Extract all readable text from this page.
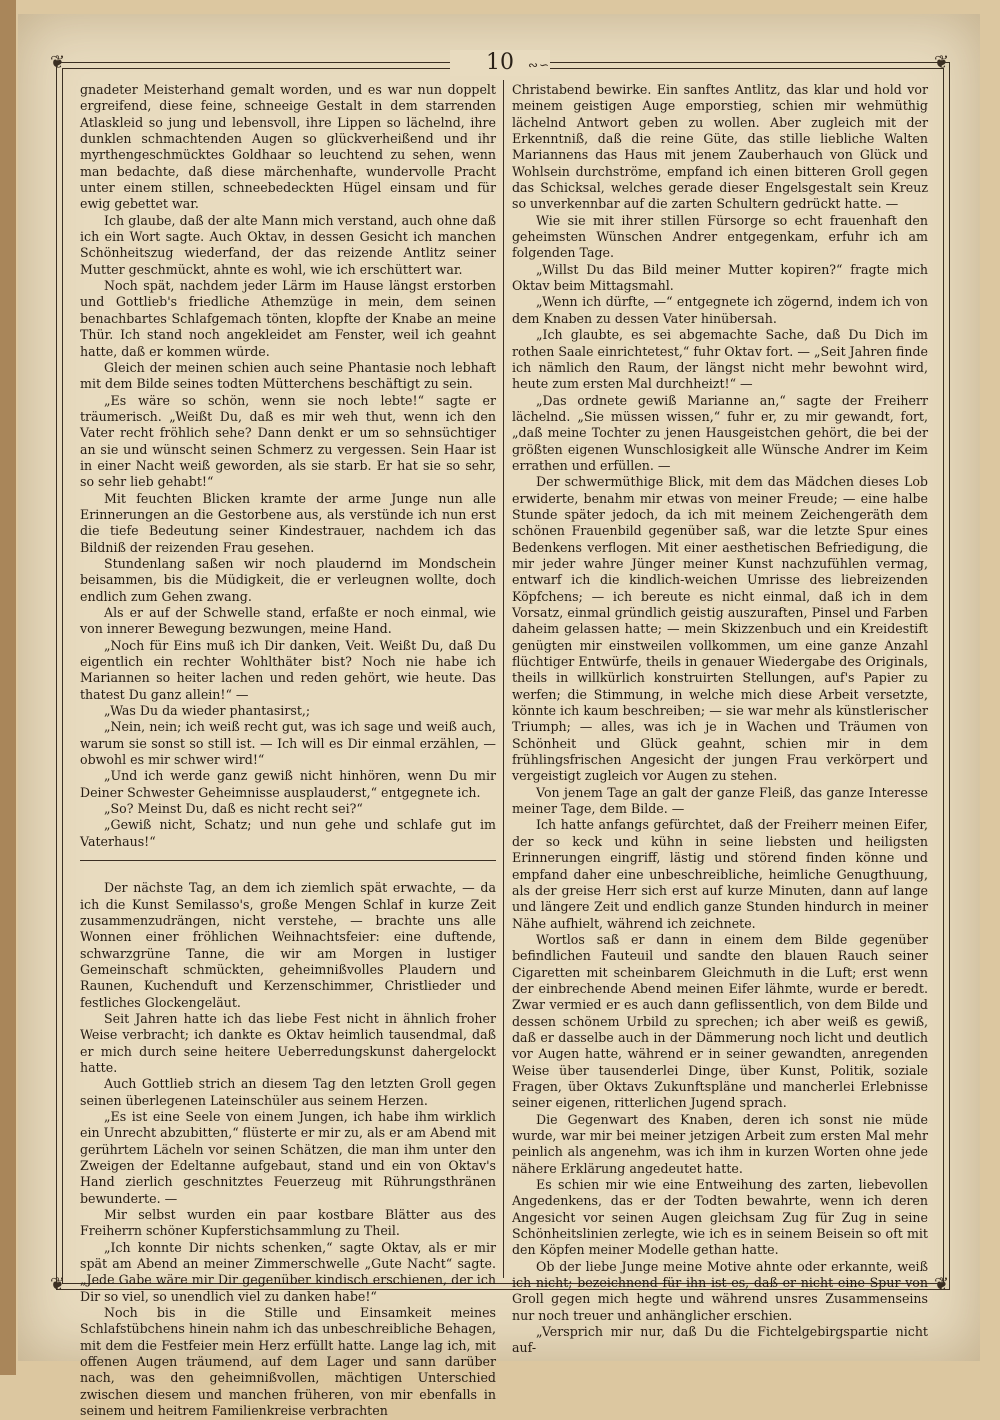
❦	❦
❦	❦
10	∾∽

gnadeter Meisterhand gemalt worden, und es war nun doppelt ergreifend, diese feine, schneeige Gestalt in dem starrenden Atlaskleid so jung und lebensvoll, ihre Lippen so lächelnd, ihre dunklen schmachtenden Augen so glückverheißend und ihr myrthengeschmücktes Goldhaar so leuchtend zu sehen, wenn man bedachte, daß diese märchenhafte, wundervolle Pracht unter einem stillen, schneebedeckten Hügel einsam und für ewig gebettet war.

Ich glaube, daß der alte Mann mich verstand, auch ohne daß ich ein Wort sagte. Auch Oktav, in dessen Gesicht ich manchen Schönheitszug wiederfand, der das reizende Antlitz seiner Mutter geschmückt, ahnte es wohl, wie ich erschüttert war.

Noch spät, nachdem jeder Lärm im Hause längst erstorben und Gottlieb's friedliche Athemzüge in mein, dem seinen benachbartes Schlafgemach tönten, klopfte der Knabe an meine Thür. Ich stand noch angekleidet am Fenster, weil ich geahnt hatte, daß er kommen würde.

Gleich der meinen schien auch seine Phantasie noch lebhaft mit dem Bilde seines todten Mütterchens beschäftigt zu sein.

„Es wäre so schön, wenn sie noch lebte!“ sagte er träumerisch. „Weißt Du, daß es mir weh thut, wenn ich den Vater recht fröhlich sehe? Dann denkt er um so sehnsüchtiger an sie und wünscht seinen Schmerz zu vergessen. Sein Haar ist in einer Nacht weiß geworden, als sie starb. Er hat sie so sehr, so sehr lieb gehabt!“

Mit feuchten Blicken kramte der arme Junge nun alle Erinnerungen an die Gestorbene aus, als verstünde ich nun erst die tiefe Bedeutung seiner Kindestrauer, nachdem ich das Bildniß der reizenden Frau gesehen.

Stundenlang saßen wir noch plaudernd im Mondschein beisammen, bis die Müdigkeit, die er verleugnen wollte, doch endlich zum Gehen zwang.

Als er auf der Schwelle stand, erfaßte er noch einmal, wie von innerer Bewegung bezwungen, meine Hand.

„Noch für Eins muß ich Dir danken, Veit. Weißt Du, daß Du eigentlich ein rechter Wohlthäter bist? Noch nie habe ich Mariannen so heiter lachen und reden gehört, wie heute. Das thatest Du ganz allein!“ —

„Was Du da wieder phantasirst,;

„Nein, nein; ich weiß recht gut, was ich sage und weiß auch, warum sie sonst so still ist. — Ich will es Dir einmal erzählen, — obwohl es mir schwer wird!“

„Und ich werde ganz gewiß nicht hinhören, wenn Du mir Deiner Schwester Geheimnisse ausplauderst,“ entgegnete ich.

„So? Meinst Du, daß es nicht recht sei?“

„Gewiß nicht, Schatz; und nun gehe und schlafe gut im Vaterhaus!“

Der nächste Tag, an dem ich ziemlich spät erwachte, — da ich die Kunst Semilasso's, große Mengen Schlaf in kurze Zeit zusammenzudrängen, nicht verstehe, — brachte uns alle Wonnen einer fröhlichen Weihnachtsfeier: eine duftende, schwarzgrüne Tanne, die wir am Morgen in lustiger Gemeinschaft schmückten, geheimnißvolles Plaudern und Raunen, Kuchenduft und Kerzenschimmer, Christlieder und festliches Glockengeläut.

Seit Jahren hatte ich das liebe Fest nicht in ähnlich froher Weise verbracht; ich dankte es Oktav heimlich tausendmal, daß er mich durch seine heitere Ueberredungskunst dahergelockt hatte.

Auch Gottlieb strich an diesem Tag den letzten Groll gegen seinen überlegenen Lateinschüler aus seinem Herzen.

„Es ist eine Seele von einem Jungen, ich habe ihm wirklich ein Unrecht abzubitten,“ flüsterte er mir zu, als er am Abend mit gerührtem Lächeln vor seinen Schätzen, die man ihm unter den Zweigen der Edeltanne aufgebaut, stand und ein von Oktav's Hand zierlich geschnitztes Feuerzeug mit Rührungsthränen bewunderte. —

Mir selbst wurden ein paar kostbare Blätter aus des Freiherrn schöner Kupferstichsammlung zu Theil.

„Ich konnte Dir nichts schenken,“ sagte Oktav, als er mir spät am Abend an meiner Zimmerschwelle „Gute Nacht“ sagte. „Jede Gabe wäre mir Dir gegenüber kindisch erschienen, der ich Dir so viel, so unendlich viel zu danken habe!“

Noch bis in die Stille und Einsamkeit meines Schlafstübchens hinein nahm ich das unbeschreibliche Behagen, mit dem die Festfeier mein Herz erfüllt hatte. Lange lag ich, mit offenen Augen träumend, auf dem Lager und sann darüber nach, was den geheimnißvollen, mächtigen Unterschied zwischen diesem und manchen früheren, von mir ebenfalls in seinem und heitrem Familienkreise verbrachten

Christabend bewirke. Ein sanftes Antlitz, das klar und hold vor meinem geistigen Auge emporstieg, schien mir wehmüthig lächelnd Antwort geben zu wollen. Aber zugleich mit der Erkenntniß, daß die reine Güte, das stille liebliche Walten Mariannens das Haus mit jenem Zauberhauch von Glück und Wohlsein durchströme, empfand ich einen bitteren Groll gegen das Schicksal, welches gerade dieser Engelsgestalt sein Kreuz so unverkennbar auf die zarten Schultern gedrückt hatte. —

Wie sie mit ihrer stillen Fürsorge so echt frauenhaft den geheimsten Wünschen Andrer entgegenkam, erfuhr ich am folgenden Tage.

„Willst Du das Bild meiner Mutter kopiren?“ fragte mich Oktav beim Mittagsmahl.

„Wenn ich dürfte, —“ entgegnete ich zögernd, indem ich von dem Knaben zu dessen Vater hinübersah.

„Ich glaubte, es sei abgemachte Sache, daß Du Dich im rothen Saale einrichtetest,“ fuhr Oktav fort. — „Seit Jahren finde ich nämlich den Raum, der längst nicht mehr bewohnt wird, heute zum ersten Mal durchheizt!“ —

„Das ordnete gewiß Marianne an,“ sagte der Freiherr lächelnd. „Sie müssen wissen,“ fuhr er, zu mir gewandt, fort, „daß meine Tochter zu jenen Hausgeistchen gehört, die bei der größten eigenen Wunschlosigkeit alle Wünsche Andrer im Keim errathen und erfüllen. —

Der schwermüthige Blick, mit dem das Mädchen dieses Lob erwiderte, benahm mir etwas von meiner Freude; — eine halbe Stunde später jedoch, da ich mit meinem Zeichengeräth dem schönen Frauenbild gegenüber saß, war die letzte Spur eines Bedenkens verflogen. Mit einer aesthetischen Befriedigung, die mir jeder wahre Jünger meiner Kunst nachzufühlen vermag, entwarf ich die kindlich-weichen Umrisse des liebreizenden Köpfchens; — ich bereute es nicht einmal, daß ich in dem Vorsatz, einmal gründlich geistig auszuraften, Pinsel und Farben daheim gelassen hatte; — mein Skizzenbuch und ein Kreidestift genügten mir einstweilen vollkommen, um eine ganze Anzahl flüchtiger Entwürfe, theils in genauer Wiedergabe des Originals, theils in willkürlich konstruirten Stellungen, auf's Papier zu werfen; die Stimmung, in welche mich diese Arbeit versetzte, könnte ich kaum beschreiben; — sie war mehr als künstlerischer Triumph; — alles, was ich je in Wachen und Träumen von Schönheit und Glück geahnt, schien mir in dem frühlingsfrischen Angesicht der jungen Frau verkörpert und vergeistigt zugleich vor Augen zu stehen.

Von jenem Tage an galt der ganze Fleiß, das ganze Interesse meiner Tage, dem Bilde. —

Ich hatte anfangs gefürchtet, daß der Freiherr meinen Eifer, der so keck und kühn in seine liebsten und heiligsten Erinnerungen eingriff, lästig und störend finden könne und empfand daher eine unbeschreibliche, heimliche Genugthuung, als der greise Herr sich erst auf kurze Minuten, dann auf lange und längere Zeit und endlich ganze Stunden hindurch in meiner Nähe aufhielt, während ich zeichnete.

Wortlos saß er dann in einem dem Bilde gegenüber befindlichen Fauteuil und sandte den blauen Rauch seiner Cigaretten mit scheinbarem Gleichmuth in die Luft; erst wenn der einbrechende Abend meinen Eifer lähmte, wurde er beredt. Zwar vermied er es auch dann geflissentlich, von dem Bilde und dessen schönem Urbild zu sprechen; ich aber weiß es gewiß, daß er dasselbe auch in der Dämmerung noch licht und deutlich vor Augen hatte, während er in seiner gewandten, anregenden Weise über tausenderlei Dinge, über Kunst, Politik, soziale Fragen, über Oktavs Zukunftspläne und mancherlei Erlebnisse seiner eigenen, ritterlichen Jugend sprach.

Die Gegenwart des Knaben, deren ich sonst nie müde wurde, war mir bei meiner jetzigen Arbeit zum ersten Mal mehr peinlich als angenehm, was ich ihm in kurzen Worten ohne jede nähere Erklärung angedeutet hatte.

Es schien mir wie eine Entweihung des zarten, liebevollen Angedenkens, das er der Todten bewahrte, wenn ich deren Angesicht vor seinen Augen gleichsam Zug für Zug in seine Schönheitslinien zerlegte, wie ich es in seinem Beisein so oft mit den Köpfen meiner Modelle gethan hatte.

Ob der liebe Junge meine Motive ahnte oder erkannte, weiß ich nicht; bezeichnend für ihn ist es, daß er nicht eine Spur von Groll gegen mich hegte und während unsres Zusammenseins nur noch treuer und anhänglicher erschien.

„Versprich mir nur, daß Du die Fichtelgebirgspartie nicht auf-
